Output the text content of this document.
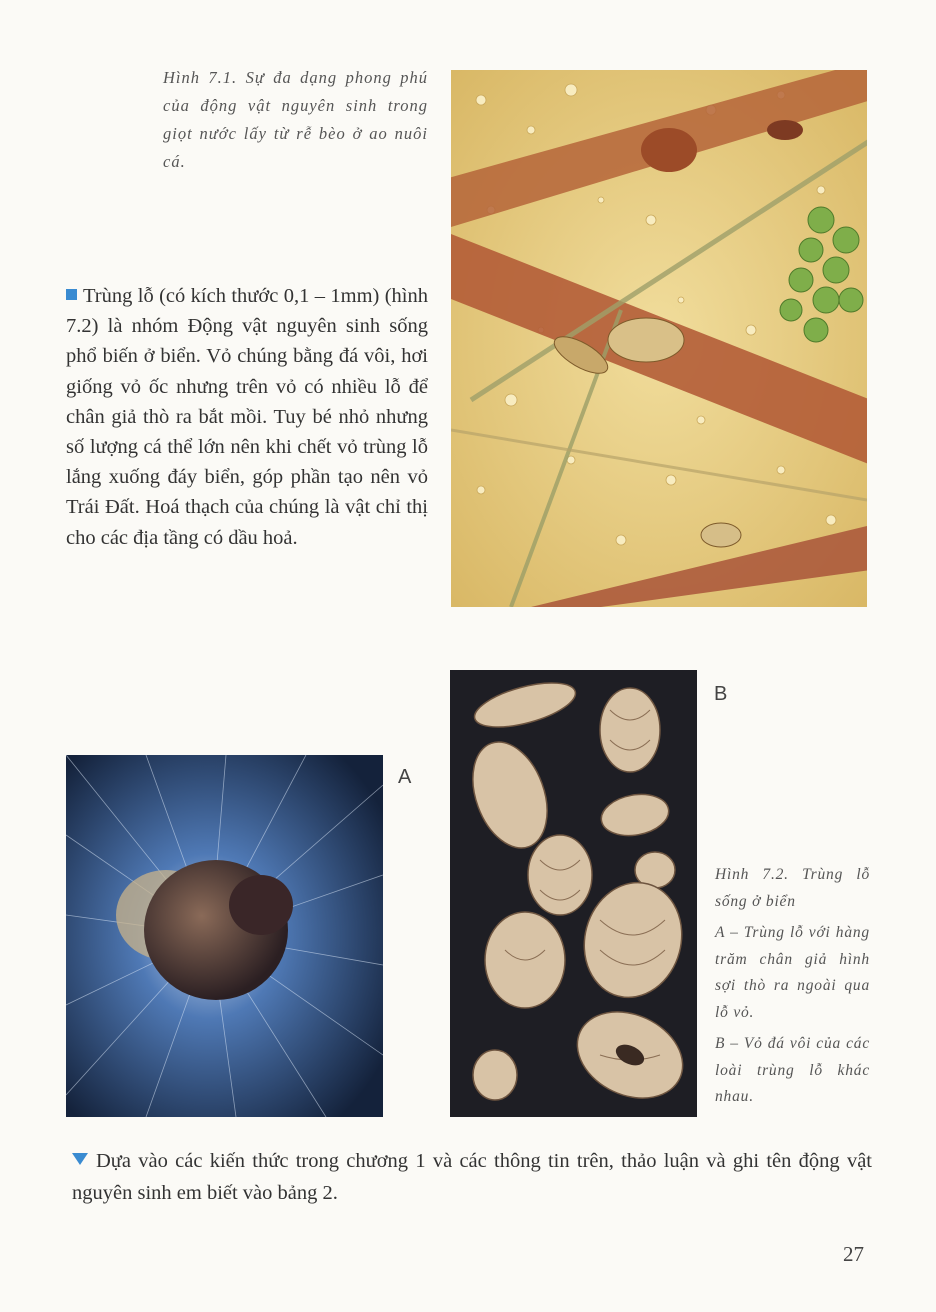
Hình 7.1. Sự đa dạng phong phú của động vật nguyên sinh trong giọt nước lấy từ rễ bèo ở ao nuôi cá.
Trùng lỗ (có kích thước 0,1 – 1mm) (hình 7.2) là nhóm Động vật nguyên sinh sống phổ biến ở biển. Vỏ chúng bằng đá vôi, hơi giống vỏ ốc nhưng trên vỏ có nhiều lỗ để chân giả thò ra bắt mồi. Tuy bé nhỏ nhưng số lượng cá thể lớn nên khi chết vỏ trùng lỗ lắng xuống đáy biển, góp phần tạo nên vỏ Trái Đất. Hoá thạch của chúng là vật chỉ thị cho các địa tầng có dầu hoả.
A
B

Hình 7.2. Trùng lỗ sống ở biển

A – Trùng lỗ với hàng trăm chân giả hình sợi thò ra ngoài qua lỗ vỏ.

B – Vỏ đá vôi của các loài trùng lỗ khác nhau.

Dựa vào các kiến thức trong chương 1 và các thông tin trên, thảo luận và ghi tên động vật nguyên sinh em biết vào bảng 2.
27
